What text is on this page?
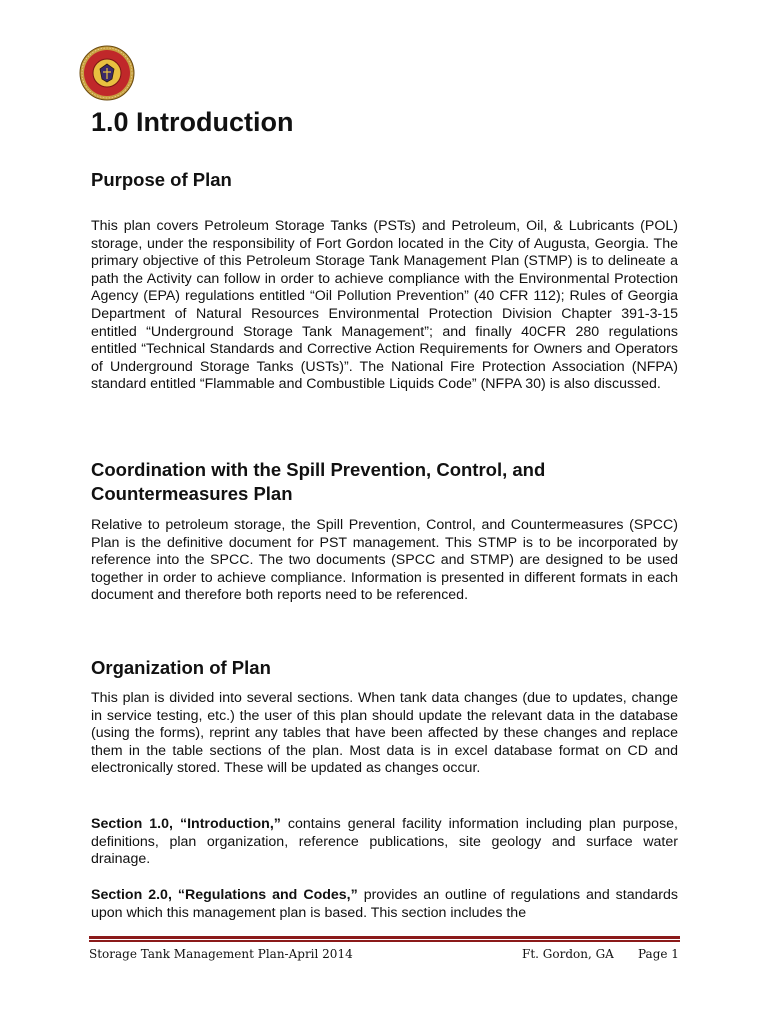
1.0 Introduction
Purpose of Plan

This plan covers Petroleum Storage Tanks (PSTs) and Petroleum, Oil, & Lubricants (POL) storage, under the responsibility of Fort Gordon located in the City of Augusta, Georgia. The primary objective of this Petroleum Storage Tank Management Plan (STMP) is to delineate a path the Activity can follow in order to achieve compliance with the Environmental Protection Agency (EPA) regulations entitled “Oil Pollution Prevention” (40 CFR 112); Rules of Georgia Department of Natural Resources Environmental Protection Division Chapter 391-3-15 entitled “Underground Storage Tank Management”; and finally 40CFR 280 regulations entitled “Technical Standards and Corrective Action Requirements for Owners and Operators of Underground Storage Tanks (USTs)”. The National Fire Protection Association (NFPA) standard entitled “Flammable and Combustible Liquids Code” (NFPA 30) is also discussed.

Coordination with the Spill Prevention, Control, and
Countermeasures Plan

Relative to petroleum storage, the Spill Prevention, Control, and Countermeasures (SPCC) Plan is the definitive document for PST management. This STMP is to be incorporated by reference into the SPCC. The two documents (SPCC and STMP) are designed to be used together in order to achieve compliance. Information is presented in different formats in each document and therefore both reports need to be referenced.

Organization of Plan

This plan is divided into several sections. When tank data changes (due to updates, change in service testing, etc.) the user of this plan should update the relevant data in the database (using the forms), reprint any tables that have been affected by these changes and replace them in the table sections of the plan. Most data is in excel database format on CD and electronically stored. These will be updated as changes occur.

Section 1.0, “Introduction,” contains general facility information including plan purpose, definitions, plan organization, reference publications, site geology and surface water drainage.

Section 2.0, “Regulations and Codes,” provides an outline of regulations and standards upon which this management plan is based. This section includes the

Storage Tank Management Plan-April 2014	Ft. Gordon, GA Page 1
